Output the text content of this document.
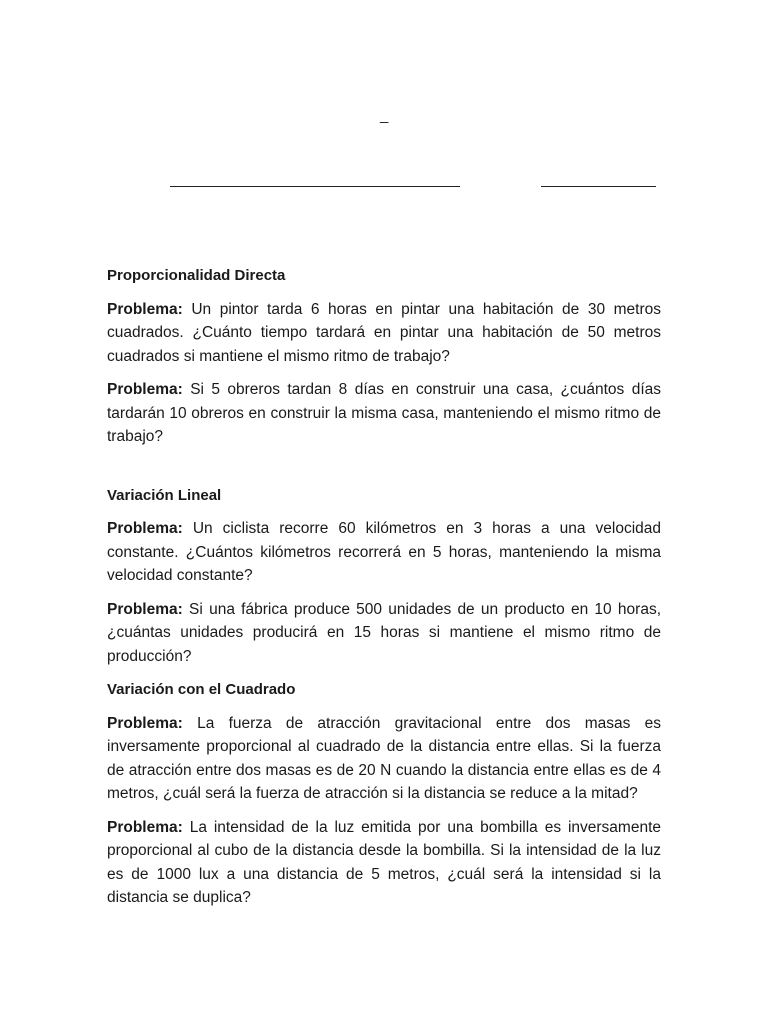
_

Proporcionalidad Directa

Problema: Un pintor tarda 6 horas en pintar una habitación de 30 metros cuadrados. ¿Cuánto tiempo tardará en pintar una habitación de 50 metros cuadrados si mantiene el mismo ritmo de trabajo?

Problema: Si 5 obreros tardan 8 días en construir una casa, ¿cuántos días tardarán 10 obreros en construir la misma casa, manteniendo el mismo ritmo de trabajo?

Variación Lineal

Problema: Un ciclista recorre 60 kilómetros en 3 horas a una velocidad constante. ¿Cuántos kilómetros recorrerá en 5 horas, manteniendo la misma velocidad constante?

Problema: Si una fábrica produce 500 unidades de un producto en 10 horas, ¿cuántas unidades producirá en 15 horas si mantiene el mismo ritmo de producción?

Variación con el Cuadrado

Problema: La fuerza de atracción gravitacional entre dos masas es inversamente proporcional al cuadrado de la distancia entre ellas. Si la fuerza de atracción entre dos masas es de 20 N cuando la distancia entre ellas es de 4 metros, ¿cuál será la fuerza de atracción si la distancia se reduce a la mitad?

Problema: La intensidad de la luz emitida por una bombilla es inversamente proporcional al cubo de la distancia desde la bombilla. Si la intensidad de la luz es de 1000 lux a una distancia de 5 metros, ¿cuál será la intensidad si la distancia se duplica?
